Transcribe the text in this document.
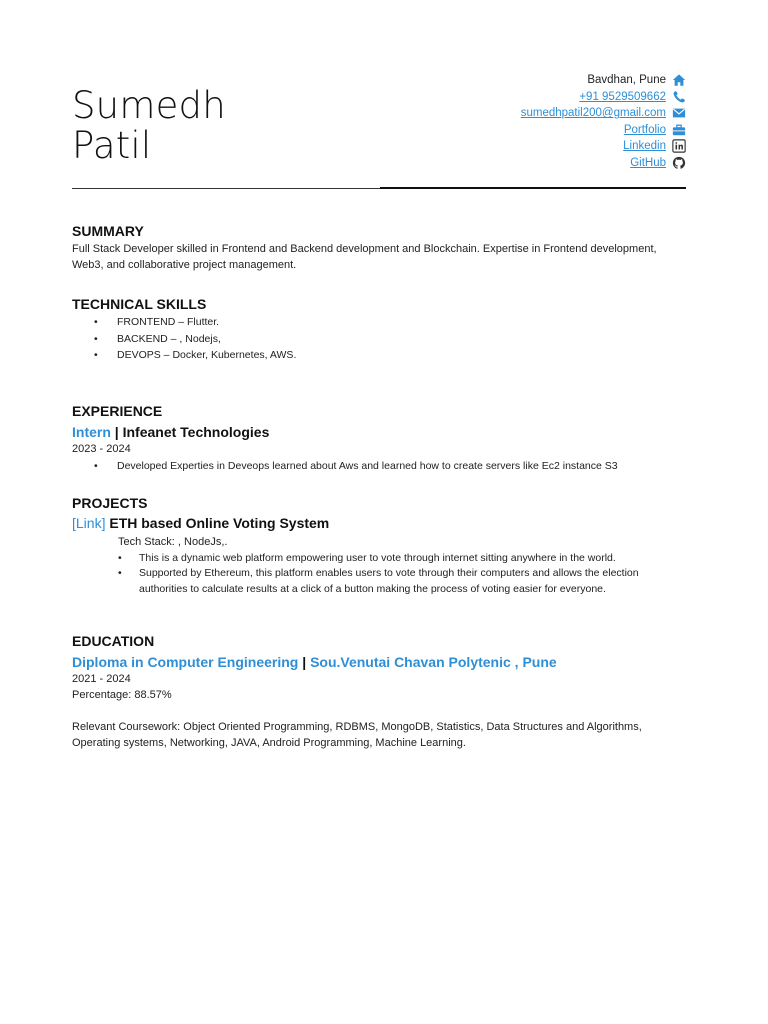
Sumedh
Patil
Bavdhan, Pune
+91 9529509662
sumedhpatil200@gmail.com
Portfolio
Linkedin
GitHub
SUMMARY

Full Stack Developer skilled in Frontend and Backend development and Blockchain. Expertise in Frontend development, Web3, and collaborative project management.

TECHNICAL SKILLS
• FRONTEND – Flutter.
• BACKEND – , Nodejs,
• DEVOPS – Docker, Kubernetes, AWS.
EXPERIENCE

Intern | Infeanet Technologies

2023 - 2024

• Developed Experties in Deveops learned about Aws and learned how to create servers like Ec2 instance S3
PROJECTS

[Link] ETH based Online Voting System

Tech Stack: , NodeJs,.

• This is a dynamic web platform empowering user to vote through internet sitting anywhere in the world.
• Supported by Ethereum, this platform enables users to vote through their computers and allows the election authorities to calculate results at a click of a button making the process of voting easier for everyone.
EDUCATION

Diploma in Computer Engineering | Sou.Venutai Chavan Polytenic , Pune

2021 - 2024

Percentage: 88.57%

Relevant Coursework: Object Oriented Programming, RDBMS, MongoDB, Statistics, Data Structures and Algorithms, Operating systems, Networking, JAVA, Android Programming, Machine Learning.
